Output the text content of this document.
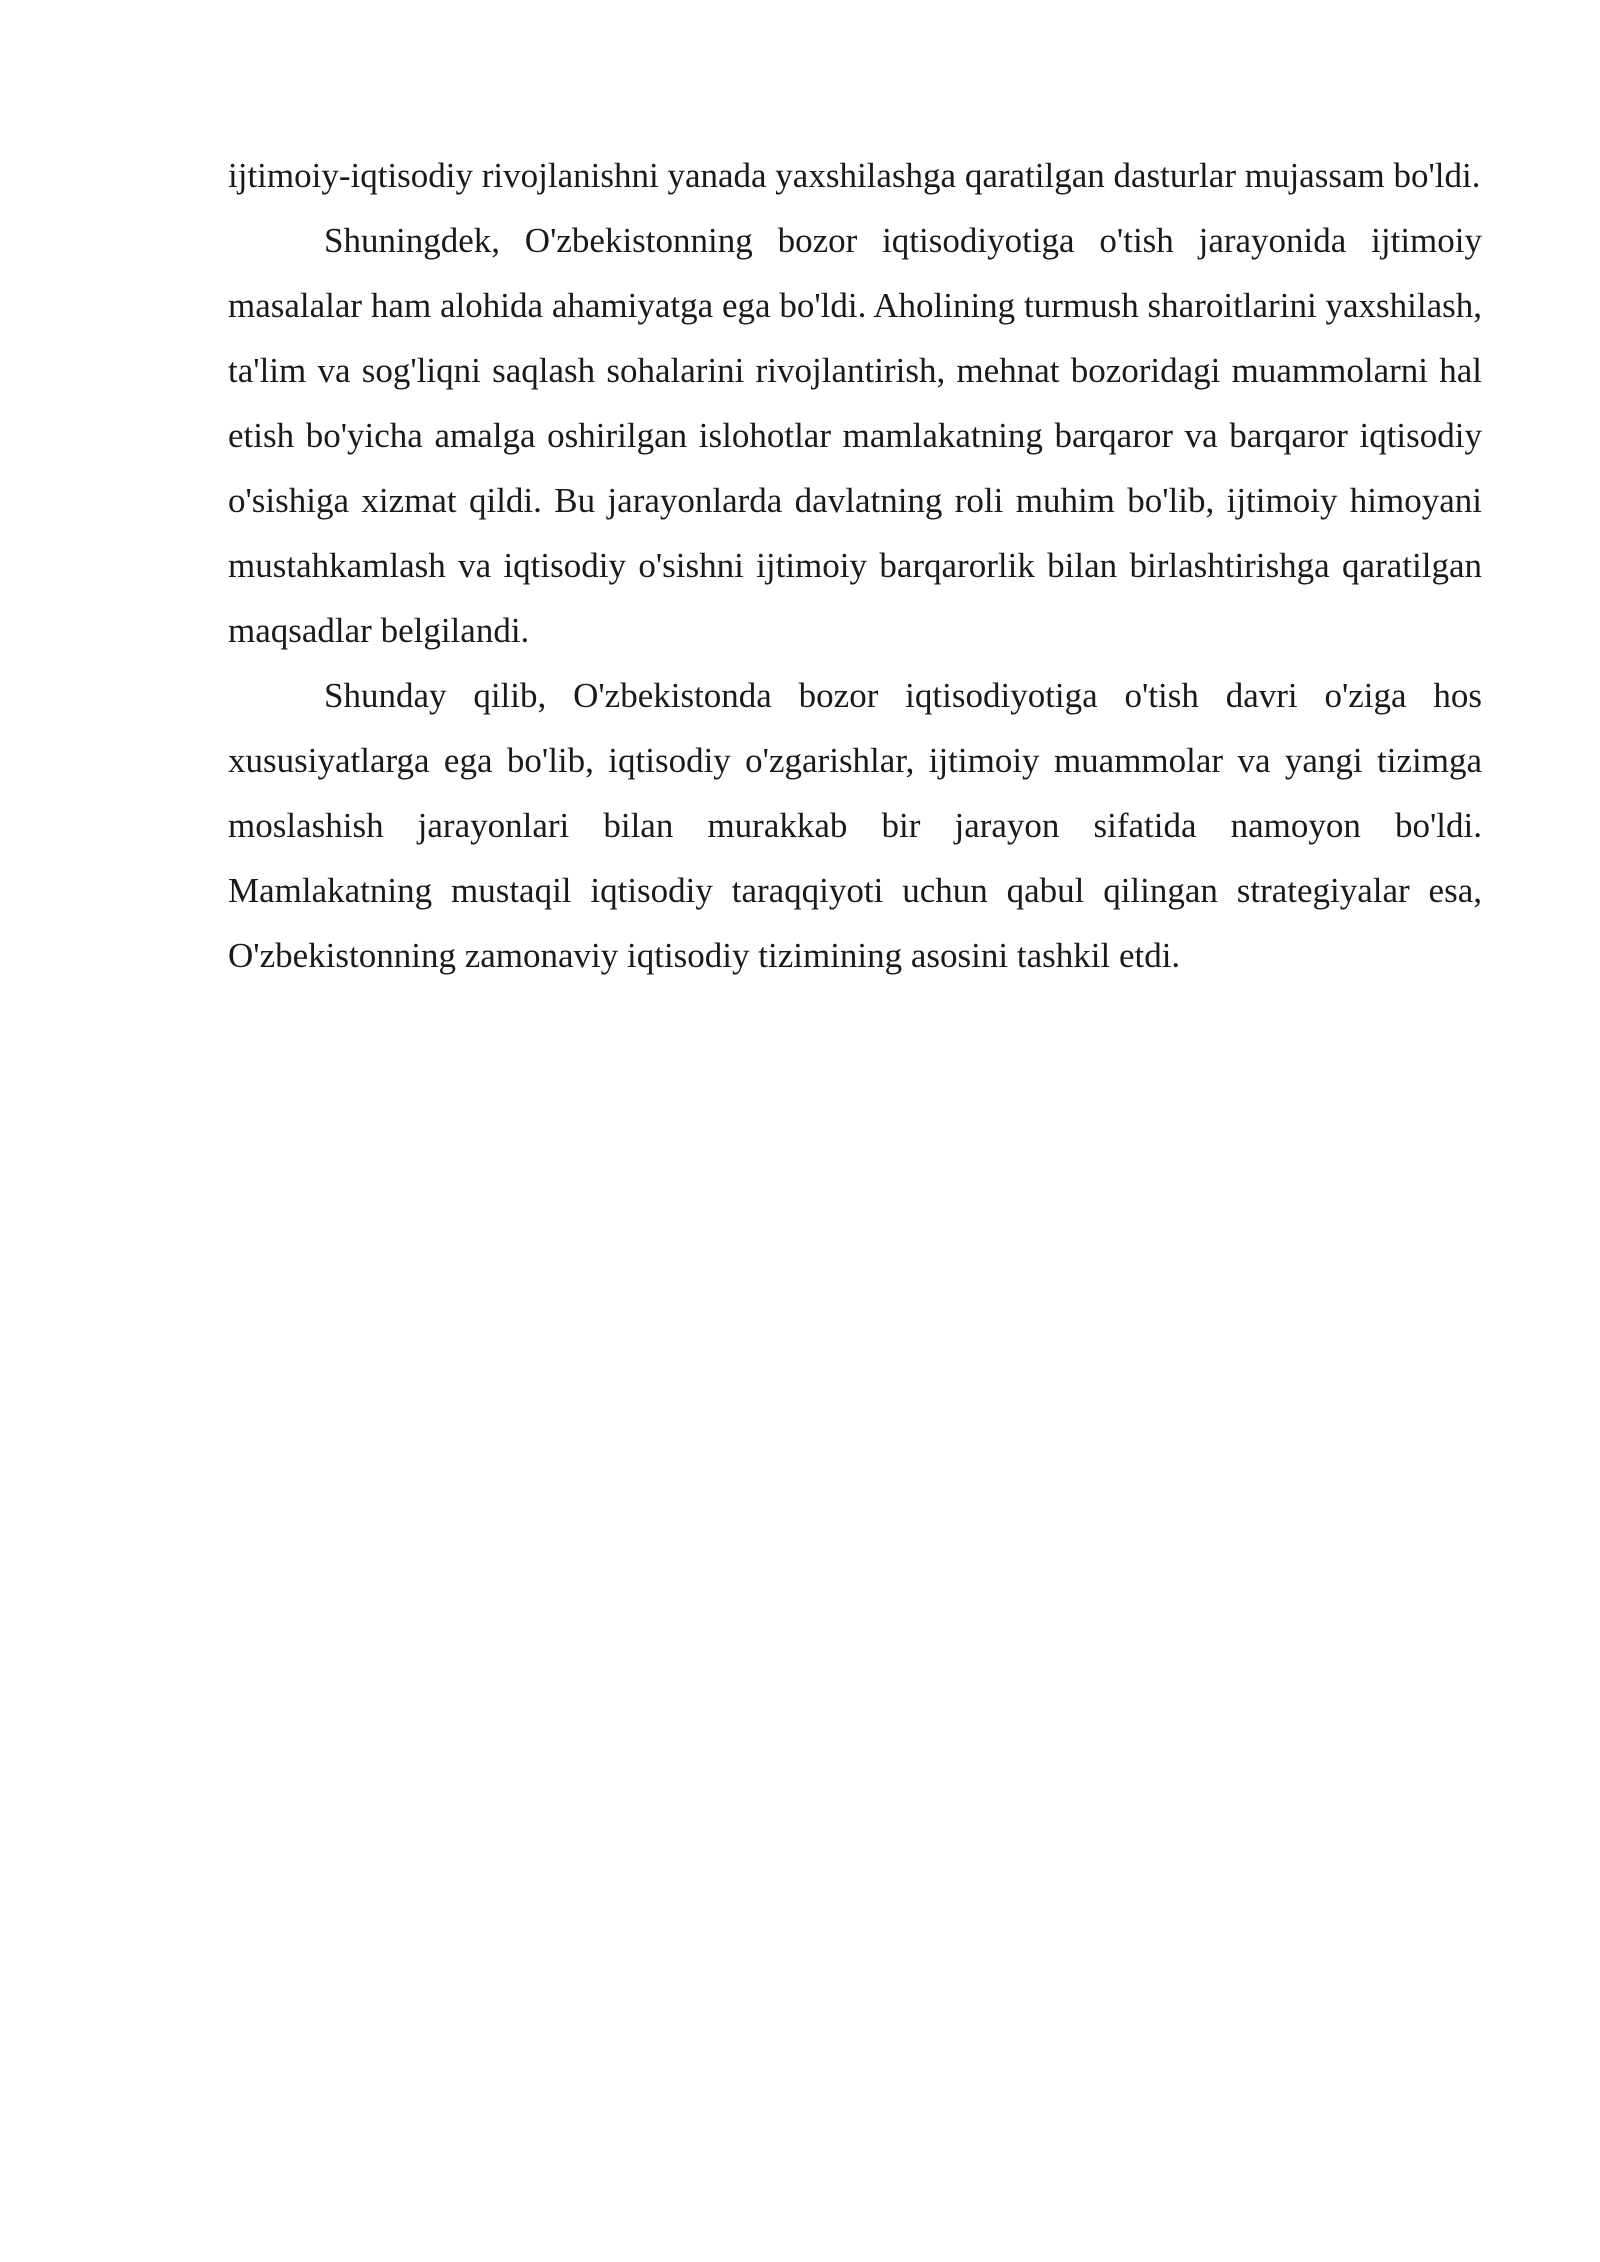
ijtimoiy-iqtisodiy rivojlanishni yanada yaxshilashga qaratilgan dasturlar mujassam bo'ldi.

Shuningdek, O'zbekistonning bozor iqtisodiyotiga o'tish jarayonida ijtimoiy masalalar ham alohida ahamiyatga ega bo'ldi. Aholining turmush sharoitlarini yaxshilash, ta'lim va sog'liqni saqlash sohalarini rivojlantirish, mehnat bozoridagi muammolarni hal etish bo'yicha amalga oshirilgan islohotlar mamlakatning barqaror va barqaror iqtisodiy o'sishiga xizmat qildi. Bu jarayonlarda davlatning roli muhim bo'lib, ijtimoiy himoyani mustahkamlash va iqtisodiy o'sishni ijtimoiy barqarorlik bilan birlashtirishga qaratilgan maqsadlar belgilandi.

Shunday qilib, O'zbekistonda bozor iqtisodiyotiga o'tish davri o'ziga hos xususiyatlarga ega bo'lib, iqtisodiy o'zgarishlar, ijtimoiy muammolar va yangi tizimga moslashish jarayonlari bilan murakkab bir jarayon sifatida namoyon bo'ldi. Mamlakatning mustaqil iqtisodiy taraqqiyoti uchun qabul qilingan strategiyalar esa, O'zbekistonning zamonaviy iqtisodiy tizimining asosini tashkil etdi.
